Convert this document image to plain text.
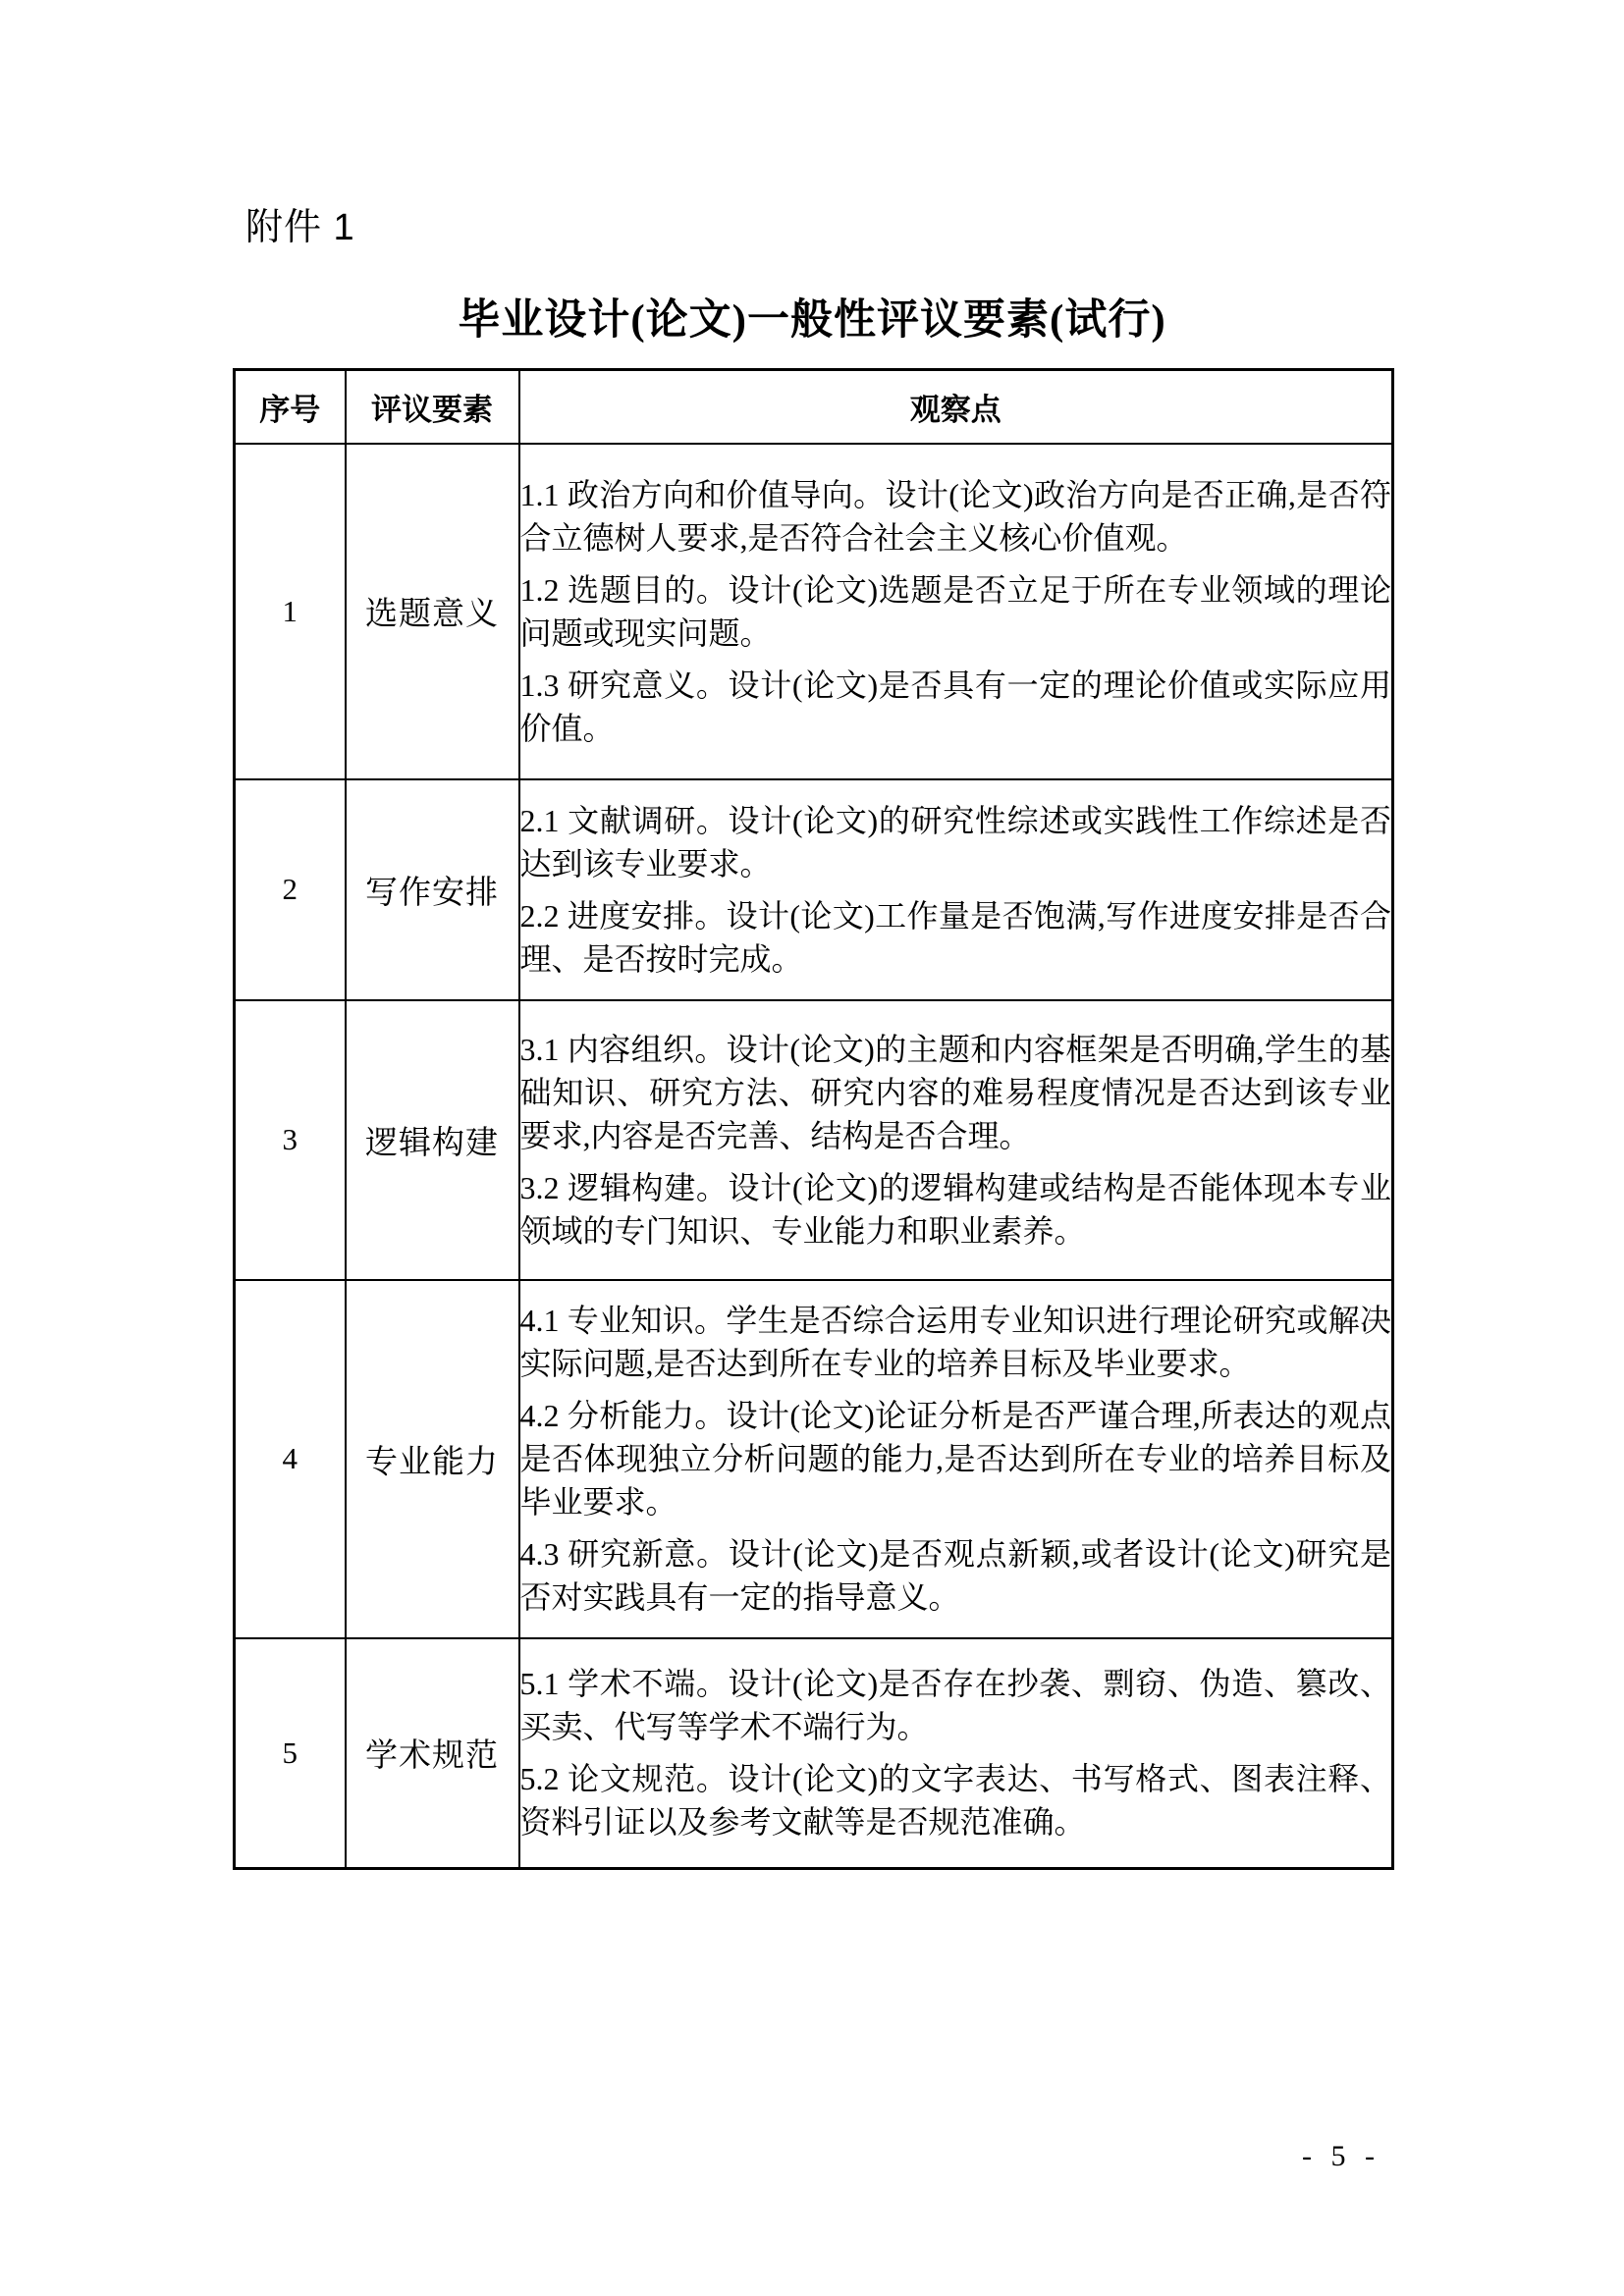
附件 1
毕业设计(论文)一般性评议要素(试行)
序号	评议要素	观察点
1	选题意义	1.1 政治方向和价值导向。设计(论文)政治方向是否正确,是否符合立德树人要求,是否符合社会主义核心价值观。

1.2 选题目的。设计(论文)选题是否立足于所在专业领域的理论问题或现实问题。

1.3 研究意义。设计(论文)是否具有一定的理论价值或实际应用价值。

2	写作安排	2.1 文献调研。设计(论文)的研究性综述或实践性工作综述是否达到该专业要求。

2.2 进度安排。设计(论文)工作量是否饱满,写作进度安排是否合理、是否按时完成。

3	逻辑构建	3.1 内容组织。设计(论文)的主题和内容框架是否明确,学生的基础知识、研究方法、研究内容的难易程度情况是否达到该专业要求,内容是否完善、结构是否合理。

3.2 逻辑构建。设计(论文)的逻辑构建或结构是否能体现本专业领域的专门知识、专业能力和职业素养。

4	专业能力	4.1 专业知识。学生是否综合运用专业知识进行理论研究或解决实际问题,是否达到所在专业的培养目标及毕业要求。

4.2 分析能力。设计(论文)论证分析是否严谨合理,所表达的观点是否体现独立分析问题的能力,是否达到所在专业的培养目标及毕业要求。

4.3 研究新意。设计(论文)是否观点新颖,或者设计(论文)研究是否对实践具有一定的指导意义。

5	学术规范	5.1 学术不端。设计(论文)是否存在抄袭、剽窃、伪造、篡改、买卖、代写等学术不端行为。

5.2 论文规范。设计(论文)的文字表达、书写格式、图表注释、资料引证以及参考文献等是否规范准确。

- 5 -
